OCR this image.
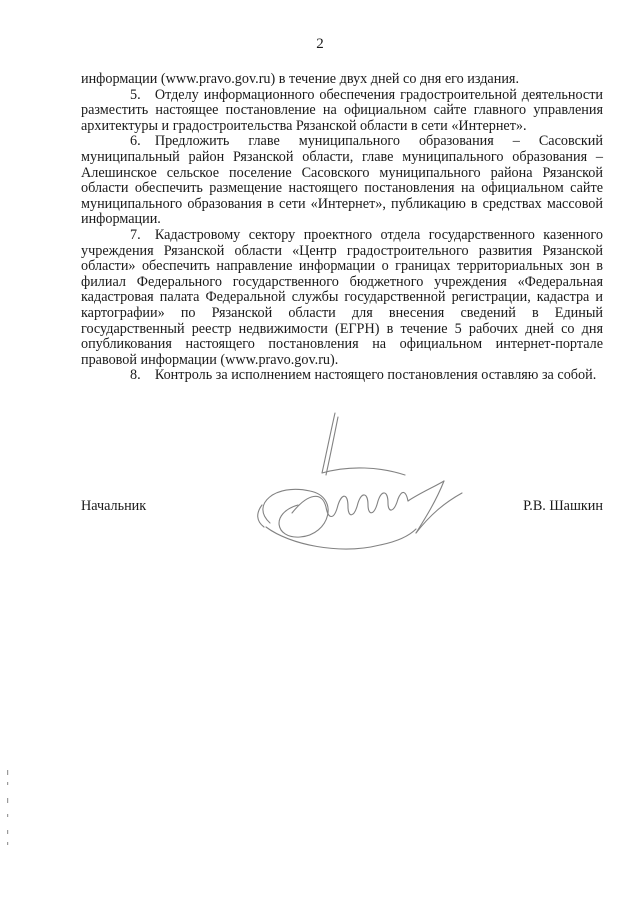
2

информации (www.pravo.gov.ru) в течение двух дней со дня его издания.

5. Отделу информационного обеспечения градостроительной деятельности разместить настоящее постановление на официальном сайте главного управления архитектуры и градостроительства Рязанской области в сети «Интернет».

6. Предложить главе муниципального образования – Сасовский муниципальный район Рязанской области, главе муниципального образования – Алешинское сельское поселение Сасовского муниципального района Рязанской области обеспечить размещение настоящего постановления на официальном сайте муниципального образования в сети «Интернет», публикацию в средствах массовой информации.

7. Кадастровому сектору проектного отдела государственного казенного учреждения Рязанской области «Центр градостроительного развития Рязанской области» обеспечить направление информации о границах территориальных зон в филиал Федерального государственного бюджетного учреждения «Федеральная кадастровая палата Федеральной службы государственной регистрации, кадастра и картографии» по Рязанской области для внесения сведений в Единый государственный реестр недвижимости (ЕГРН) в течение 5 рабочих дней со дня опубликования настоящего постановления на официальном интернет-портале правовой информации (www.pravo.gov.ru).

8. Контроль за исполнением настоящего постановления оставляю за собой.

Начальник	Р.В. Шашкин
